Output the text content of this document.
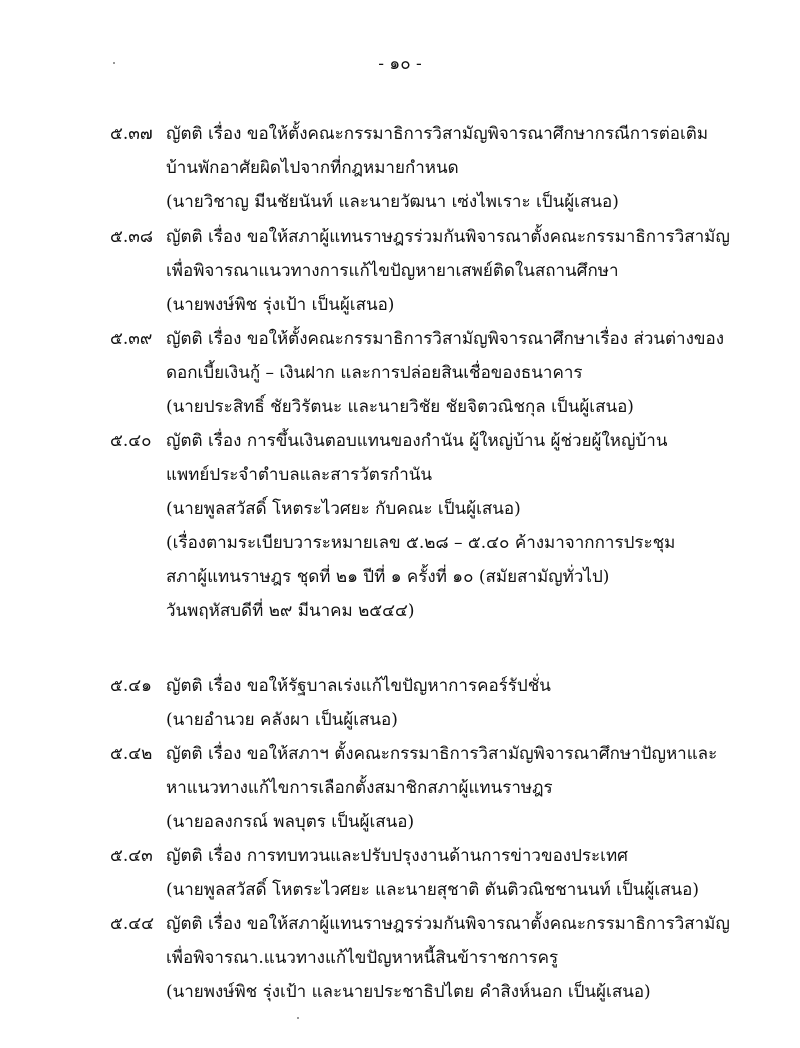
- ๑๐ -
๕.๓๗ ญัตติ เรื่อง ขอให้ตั้งคณะกรรมาธิการวิสามัญพิจารณาศึกษากรณีการต่อเติม
บ้านพักอาศัยผิดไปจากที่กฎหมายกำหนด
(นายวิชาญ มีนชัยนันท์ และนายวัฒนา เซ่งไพเราะ เป็นผู้เสนอ)
๕.๓๘ ญัตติ เรื่อง ขอให้สภาผู้แทนราษฎรร่วมกันพิจารณาตั้งคณะกรรมาธิการวิสามัญ
เพื่อพิจารณาแนวทางการแก้ไขปัญหายาเสพย์ติดในสถานศึกษา
(นายพงษ์พิช รุ่งเป้า เป็นผู้เสนอ)
๕.๓๙ ญัตติ เรื่อง ขอให้ตั้งคณะกรรมาธิการวิสามัญพิจารณาศึกษาเรื่อง ส่วนต่างของ
ดอกเบี้ยเงินกู้ – เงินฝาก และการปล่อยสินเชื่อของธนาคาร
(นายประสิทธิ์ ชัยวิรัตนะ และนายวิชัย ชัยจิตวณิชกุล เป็นผู้เสนอ)
๕.๔๐ ญัตติ เรื่อง การขึ้นเงินตอบแทนของกำนัน ผู้ใหญ่บ้าน ผู้ช่วยผู้ใหญ่บ้าน
แพทย์ประจำตำบลและสารวัตรกำนัน
(นายพูลสวัสดิ์ โหตระไวศยะ กับคณะ เป็นผู้เสนอ)
(เรื่องตามระเบียบวาระหมายเลข ๕.๒๘ – ๕.๔๐ ค้างมาจากการประชุม
สภาผู้แทนราษฎร ชุดที่ ๒๑ ปีที่ ๑ ครั้งที่ ๑๐ (สมัยสามัญทั่วไป)
วันพฤหัสบดีที่ ๒๙ มีนาคม ๒๕๔๔)
๕.๔๑ ญัตติ เรื่อง ขอให้รัฐบาลเร่งแก้ไขปัญหาการคอร์รัปชั่น
(นายอำนวย คลังผา เป็นผู้เสนอ)
๕.๔๒ ญัตติ เรื่อง ขอให้สภาฯ ตั้งคณะกรรมาธิการวิสามัญพิจารณาศึกษาปัญหาและ
หาแนวทางแก้ไขการเลือกตั้งสมาชิกสภาผู้แทนราษฎร
(นายอลงกรณ์ พลบุตร เป็นผู้เสนอ)
๕.๔๓ ญัตติ เรื่อง การทบทวนและปรับปรุงงานด้านการข่าวของประเทศ
(นายพูลสวัสดิ์ โหตระไวศยะ และนายสุชาติ ตันติวณิชชานนท์ เป็นผู้เสนอ)
๕.๔๔ ญัตติ เรื่อง ขอให้สภาผู้แทนราษฎรร่วมกันพิจารณาตั้งคณะกรรมาธิการวิสามัญ
เพื่อพิจารณา.แนวทางแก้ไขปัญหาหนี้สินข้าราชการครู
(นายพงษ์พิช รุ่งเป้า และนายประชาธิปไตย คำสิงห์นอก เป็นผู้เสนอ)
